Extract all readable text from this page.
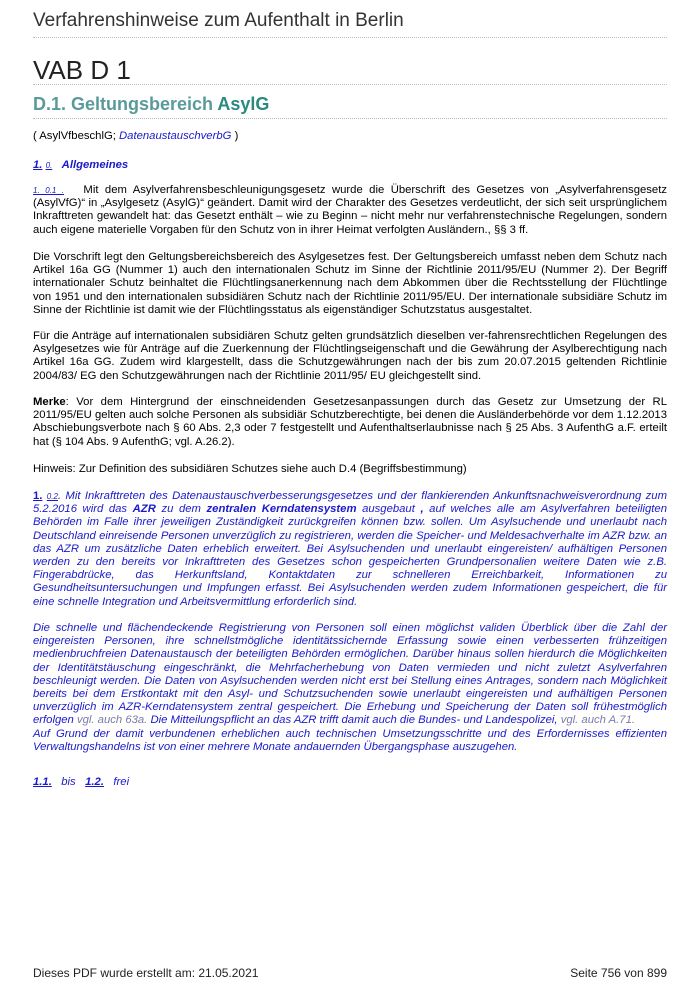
Verfahrenshinweise zum Aufenthalt in Berlin
VAB D 1
D.1. Geltungsbereich AsylG
( AsylVfbeschlG; DatenaustauschverbG )
1. 0. Allgemeines
1. 0.1 . Mit dem Asylverfahrensbeschleunigungsgesetz wurde die Überschrift des Gesetzes von „Asylverfahrensgesetz (AsylVfG)“ in „Asylgesetz (AsylG)“ geändert. Damit wird der Charakter des Gesetzes verdeutlicht, der sich seit ursprünglichem Inkrafttreten gewandelt hat: das Gesetzt enthält – wie zu Beginn – nicht mehr nur verfahrenstechnische Regelungen, sondern auch eigene materielle Vorgaben für den Schutz von in ihrer Heimat verfolgten Ausländern., §§ 3 ff.
Die Vorschrift legt den Geltungsbereichsbereich des Asylgesetzes fest. Der Geltungsbereich umfasst neben dem Schutz nach Artikel 16a GG (Nummer 1) auch den internationalen Schutz im Sinne der Richtlinie 2011/95/EU (Nummer 2). Der Begriff internationaler Schutz beinhaltet die Flüchtlingsanerkennung nach dem Abkommen über die Rechtsstellung der Flüchtlinge von 1951 und den internationalen subsidiären Schutz nach der Richtlinie 2011/95/EU. Der internationale subsidiäre Schutz im Sinne der Richtlinie ist damit wie der Flüchtlingsstatus als eigenständiger Schutzstatus ausgestaltet.
Für die Anträge auf internationalen subsidiären Schutz gelten grundsätzlich dieselben ver-fahrensrechtlichen Regelungen des Asylgesetzes wie für Anträge auf die Zuerkennung der Flüchtlingseigenschaft und die Gewährung der Asylberechtigung nach Artikel 16a GG. Zudem wird klargestellt, dass die Schutzgewährungen nach der bis zum 20.07.2015 geltenden Richtlinie 2004/83/ EG den Schutzgewährungen nach der Richtlinie 2011/95/ EU gleichgestellt sind.
Merke: Vor dem Hintergrund der einschneidenden Gesetzesanpassungen durch das Gesetz zur Umsetzung der RL 2011/95/EU gelten auch solche Personen als subsidiär Schutzberechtigte, bei denen die Ausländerbehörde vor dem 1.12.2013 Abschiebungsverbote nach § 60 Abs. 2,3 oder 7 festgestellt und Aufenthaltserlaubnisse nach § 25 Abs. 3 AufenthG a.F. erteilt hat (§ 104 Abs. 9 AufenthG; vgl. A.26.2).
Hinweis: Zur Definition des subsidiären Schutzes siehe auch D.4 (Begriffsbestimmung)
1. 0.2. Mit Inkrafttreten des Datenaustauschverbesserungsgesetzes und der flankierenden Ankunftsnachweisverordnung zum 5.2.2016 wird das AZR zu dem zentralen Kerndatensystem ausgebaut , auf welches alle am Asylverfahren beteiligten Behörden im Falle ihrer jeweiligen Zuständigkeit zurückgreifen können bzw. sollen. Um Asylsuchende und unerlaubt nach Deutschland einreisende Personen unverzüglich zu registrieren, werden die Speicher- und Meldesachverhalte im AZR bzw. an das AZR um zusätzliche Daten erheblich erweitert. Bei Asylsuchenden und unerlaubt eingereisten/ aufhältigen Personen werden zu den bereits vor Inkrafttreten des Gesetzes schon gespeicherten Grundpersonalien weitere Daten wie z.B. Fingerabdrücke, das Herkunftsland, Kontaktdaten zur schnelleren Erreichbarkeit, Informationen zu Gesundheitsuntersuchungen und Impfungen erfasst. Bei Asylsuchenden werden zudem Informationen gespeichert, die für eine schnelle Integration und Arbeitsvermittlung erforderlich sind.
Die schnelle und flächendeckende Registrierung von Personen soll einen möglichst validen Überblick über die Zahl der eingereisten Personen, ihre schnellstmögliche identitätssichernde Erfassung sowie einen verbesserten frühzeitigen medienbruchfreien Datenaustausch der beteiligten Behörden ermöglichen. Darüber hinaus sollen hierdurch die Möglichkeiten der Identitätstäuschung eingeschränkt, die Mehrfacherhebung von Daten vermieden und nicht zuletzt Asylverfahren beschleunigt werden. Die Daten von Asylsuchenden werden nicht erst bei Stellung eines Antrages, sondern nach Möglichkeit bereits bei dem Erstkontakt mit den Asyl- und Schutzsuchenden sowie unerlaubt eingereisten und aufhältigen Personen unverzüglich im AZR-Kerndatensystem zentral gespeichert. Die Erhebung und Speicherung der Daten soll frühestmöglich erfolgen vgl. auch 63a. Die Mitteilungspflicht an das AZR trifft damit auch die Bundes- und Landespolizei, vgl. auch A.71.
Auf Grund der damit verbundenen erheblichen auch technischen Umsetzungsschritte und des Erfordernisses effizienten Verwaltungshandelns ist von einer mehrere Monate andauernden Übergangsphase auszugehen.
1.1. bis 1.2. frei
Dieses PDF wurde erstellt am: 21.05.2021	Seite 756 von 899
